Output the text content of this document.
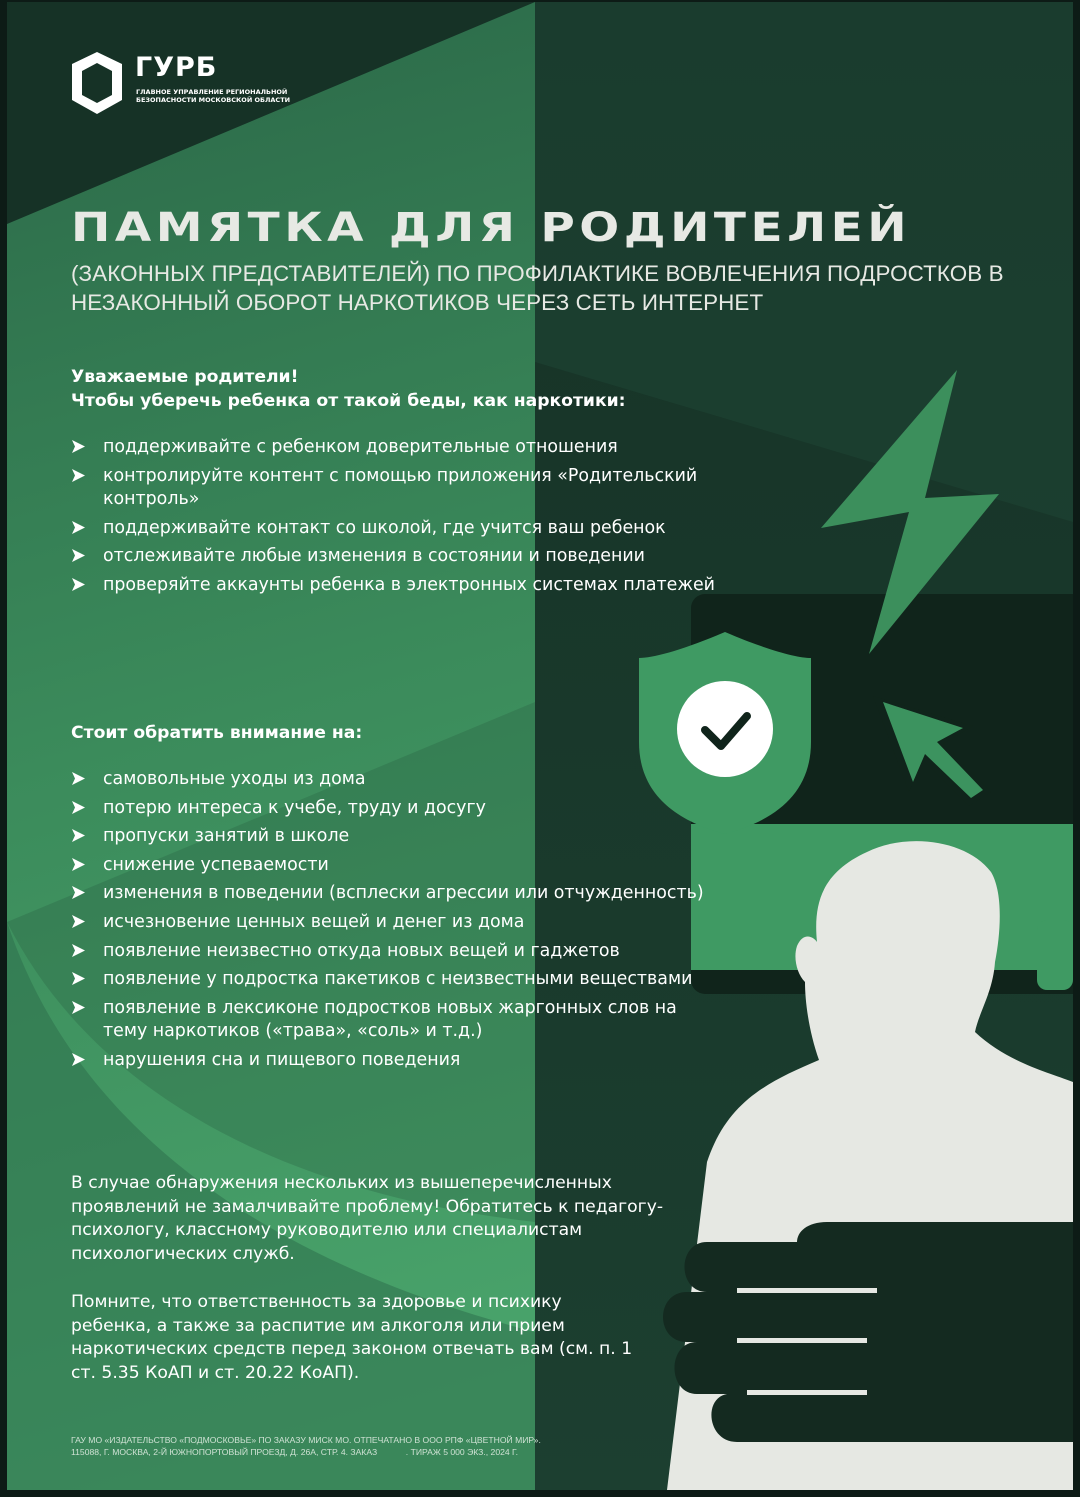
ГУРБ

ГЛАВНОЕ УПРАВЛЕНИЕ РЕГИОНАЛЬНОЙ БЕЗОПАСНОСТИ МОСКОВСКОЙ ОБЛАСТИ

ПАМЯТКА ДЛЯ РОДИТЕЛЕЙ

(ЗАКОННЫХ ПРЕДСТАВИТЕЛЕЙ) ПО ПРОФИЛАКТИКЕ ВОВЛЕЧЕНИЯ ПОДРОСТКОВ В НЕЗАКОННЫЙ ОБОРОТ НАРКОТИКОВ ЧЕРЕЗ СЕТЬ ИНТЕРНЕТ

Уважаемые родители!

Чтобы уберечь ребенка от такой беды, как наркотики:

поддерживайте с ребенком доверительные отношения
контролируйте контент с помощью приложения «Родительский контроль»
поддерживайте контакт со школой, где учится ваш ребенок
отслеживайте любые изменения в состоянии и поведении
проверяйте аккаунты ребенка в электронных системах платежей

Стоит обратить внимание на:

самовольные уходы из дома
потерю интереса к учебе, труду и досугу
пропуски занятий в школе
снижение успеваемости
изменения в поведении (всплески агрессии или отчужденность)
исчезновение ценных вещей и денег из дома
появление неизвестно откуда новых вещей и гаджетов
появление у подростка пакетиков с неизвестными веществами
появление в лексиконе подростков новых жаргонных слов на тему наркотиков («трава», «соль» и т.д.)
нарушения сна и пищевого поведения

В случае обнаружения нескольких из вышеперечисленных проявлений не замалчивайте проблему! Обратитесь к педагогу-психологу, классному руководителю или специалистам психологических служб.

Помните, что ответственность за здоровье и психику ребенка, а также за распитие им алкоголя или прием наркотических средств перед законом отвечать вам (см. п. 1 ст. 5.35 КоАП и ст. 20.22 КоАП).

ГАУ МО «ИЗДАТЕЛЬСТВО «ПОДМОСКОВЬЕ» ПО ЗАКАЗУ МИСК МО. ОТПЕЧАТАНО В ООО РПФ «ЦВЕТНОЙ МИР».
115088, Г. МОСКВА, 2-Й ЮЖНОПОРТОВЫЙ ПРОЕЗД, Д. 26А, СТР. 4. ЗАКАЗ            . ТИРАЖ 5 000 ЭКЗ., 2024 Г.
